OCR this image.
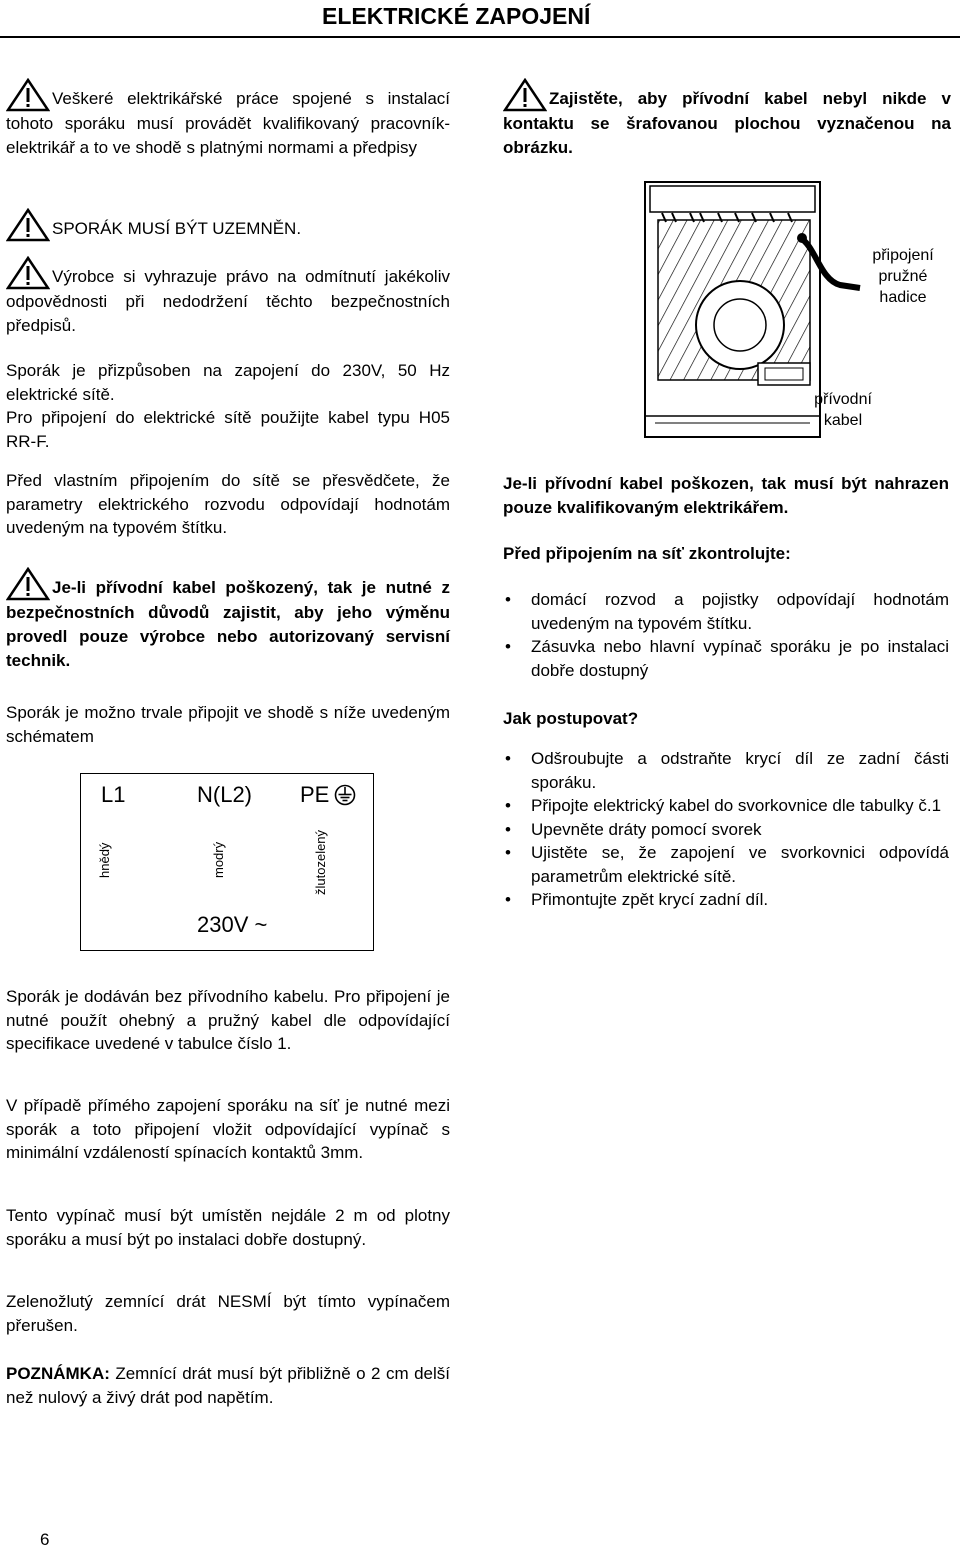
ELEKTRICKÉ ZAPOJENÍ
Veškeré elektrikářské práce spojené s instalací tohoto sporáku musí provádět kvalifikovaný pracovník-elektrikář a to ve shodě s platnými normami a předpisy
SPORÁK MUSÍ BÝT UZEMNĚN.
Výrobce si vyhrazuje právo na odmítnutí jakékoliv odpovědnosti při nedodržení těchto bezpečnostních předpisů.
Sporák je přizpůsoben na zapojení do 230V, 50 Hz elektrické sítě.
Pro připojení do elektrické sítě použijte kabel typu H05 RR-F.
Před vlastním připojením do sítě se přesvědčete, že parametry elektrického rozvodu odpovídají hodnotám uvedeným na typovém štítku.
Je-li přívodní kabel poškozený, tak je nutné z bezpečnostních důvodů zajistit, aby jeho výměnu provedl pouze výrobce nebo autorizovaný servisní technik.
Sporák je možno trvale připojit ve shodě s níže uvedeným schématem
L1	N(L2) PE
hnědý	modrý	žlutozelený
230V ~
Zajistěte, aby přívodní kabel nebyl nikde v kontaktu se šrafovanou plochou vyznačenou na obrázku.
připojení
pružné
hadice
přívodní
kabel
Je-li přívodní kabel poškozen, tak musí být nahrazen pouze kvalifikovaným elektrikářem.
Před připojením na síť zkontrolujte:
• domácí rozvod a pojistky odpovídají hodnotám uvedeným na typovém štítku.
• Zásuvka nebo hlavní vypínač sporáku je po instalaci dobře dostupný
Jak postupovat?
• Odšroubujte a odstraňte krycí díl ze zadní části sporáku.
• Připojte elektrický kabel do svorkovnice dle tabulky č.1
• Upevněte dráty pomocí svorek
• Ujistěte se, že zapojení ve svorkovnici odpovídá parametrům elektrické sítě.
• Přimontujte zpět krycí zadní díl.
Sporák je dodáván bez přívodního kabelu. Pro připojení je nutné použít ohebný a pružný kabel dle odpovídající specifikace uvedené v tabulce číslo 1.
V případě přímého zapojení sporáku na síť je nutné mezi sporák a toto připojení vložit odpovídající vypínač s minimální vzdáleností spínacích kontaktů 3mm.
Tento vypínač musí být umístěn nejdále 2 m od plotny sporáku a musí být po instalaci dobře dostupný.
Zelenožlutý zemnící drát NESMÍ být tímto vypínačem přerušen.
POZNÁMKA: Zemnící drát musí být přibližně o 2 cm delší než nulový a živý drát pod napětím.
6
